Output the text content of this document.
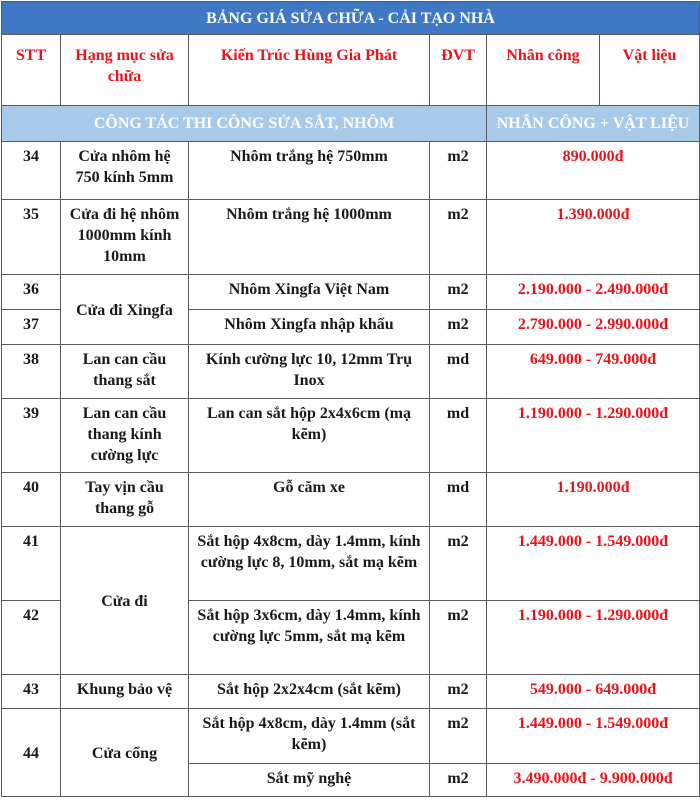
BẢNG GIÁ SỬA CHỮA - CẢI TẠO NHÀ					
STT	Hạng mục sửa chữa	Kiến Trúc Hùng Gia Phát	ĐVT	Nhân công	Vật liệu
CÔNG TÁC THI CÔNG SỬA SẮT, NHÔM				NHÂN CÔNG + VẬT LIỆU	
34	Cửa nhôm hệ 750 kính 5mm	Nhôm trắng hệ 750mm	m2	890.000đ	
35	Cửa đi hệ nhôm 1000mm kính 10mm	Nhôm trắng hệ 1000mm	m2	1.390.000đ	
36	Cửa đi Xingfa	Nhôm Xingfa Việt Nam	m2	2.190.000 - 2.490.000đ	
37		Nhôm Xingfa nhập khẩu	m2	2.790.000 - 2.990.000đ	
38	Lan can cầu thang sắt	Kính cường lực 10, 12mm Trụ Inox	md	649.000 - 749.000đ	
39	Lan can cầu thang kính cường lực	Lan can sắt hộp 2x4x6cm (mạ kẽm)	md	1.190.000 - 1.290.000đ	
40	Tay vịn cầu thang gỗ	Gỗ căm xe	md	1.190.000đ	
41	Cửa đi	Sắt hộp 4x8cm, dày 1.4mm, kính cường lực 8, 10mm, sắt mạ kẽm	m2	1.449.000 - 1.549.000đ	
42		Sắt hộp 3x6cm, dày 1.4mm, kính cường lực 5mm, sắt mạ kẽm	m2	1.190.000 - 1.290.000đ	
43	Khung bảo vệ	Sắt hộp 2x2x4cm (sắt kẽm)	m2	549.000 - 649.000đ	
44	Cửa cổng	Sắt hộp 4x8cm, dày 1.4mm (sắt kẽm)	m2	1.449.000 - 1.549.000đ	
		Sắt mỹ nghệ	m2	3.490.000đ - 9.900.000đ	
